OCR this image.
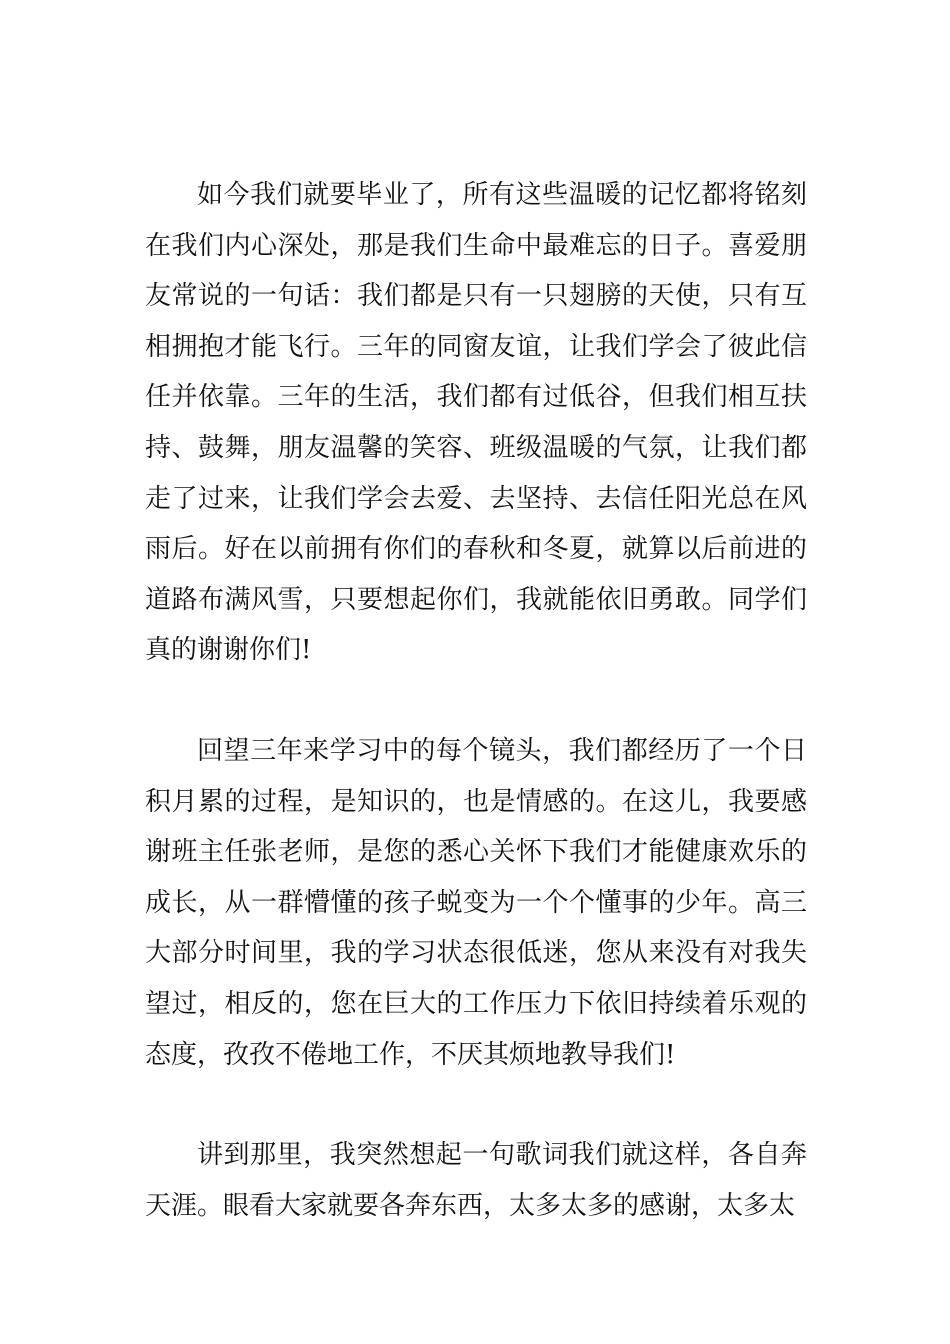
如今我们就要毕业了，所有这些温暖的记忆都将铭刻在我们内心深处，那是我们生命中最难忘的日子。喜爱朋友常说的一句话：我们都是只有一只翅膀的天使，只有互相拥抱才能飞行。三年的同窗友谊，让我们学会了彼此信任并依靠。三年的生活，我们都有过低谷，但我们相互扶持、鼓舞，朋友温馨的笑容、班级温暖的气氛，让我们都走了过来，让我们学会去爱、去坚持、去信任阳光总在风雨后。好在以前拥有你们的春秋和冬夏，就算以后前进的道路布满风雪，只要想起你们，我就能依旧勇敢。同学们真的谢谢你们!

回望三年来学习中的每个镜头，我们都经历了一个日积月累的过程，是知识的，也是情感的。在这儿，我要感谢班主任张老师，是您的悉心关怀下我们才能健康欢乐的成长，从一群懵懂的孩子蜕变为一个个懂事的少年。高三大部分时间里，我的学习状态很低迷，您从来没有对我失望过，相反的，您在巨大的工作压力下依旧持续着乐观的态度，孜孜不倦地工作，不厌其烦地教导我们!

讲到那里，我突然想起一句歌词我们就这样，各自奔天涯。眼看大家就要各奔东西，太多太多的感谢，太多太
